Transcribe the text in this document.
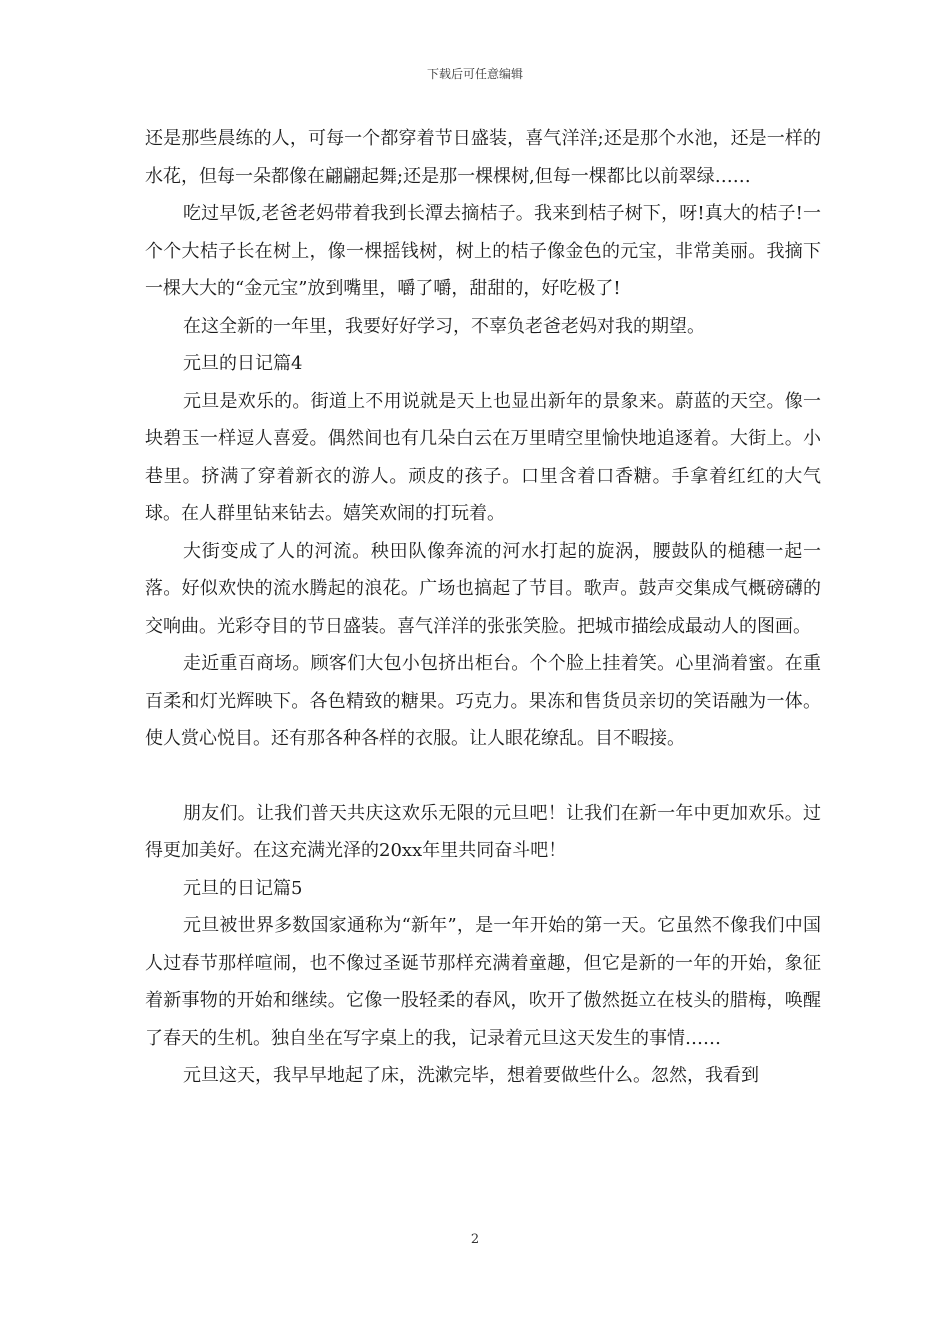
下载后可任意编辑

还是那些晨练的人，可每一个都穿着节日盛装，喜气洋洋;还是那个水池，还是一样的水花，但每一朵都像在翩翩起舞;还是那一棵棵树,但每一棵都比以前翠绿……

吃过早饭,老爸老妈带着我到长潭去摘桔子。我来到桔子树下，呀!真大的桔子!一个个大桔子长在树上，像一棵摇钱树，树上的桔子像金色的元宝，非常美丽。我摘下一棵大大的“金元宝”放到嘴里，嚼了嚼，甜甜的，好吃极了!

在这全新的一年里，我要好好学习，不辜负老爸老妈对我的期望。

元旦的日记篇4

元旦是欢乐的。街道上不用说就是天上也显出新年的景象来。蔚蓝的天空。像一块碧玉一样逗人喜爱。偶然间也有几朵白云在万里晴空里愉快地追逐着。大街上。小巷里。挤满了穿着新衣的游人。顽皮的孩子。口里含着口香糖。手拿着红红的大气球。在人群里钻来钻去。嬉笑欢闹的打玩着。

大街变成了人的河流。秧田队像奔流的河水打起的旋涡，腰鼓队的槌穗一起一落。好似欢快的流水腾起的浪花。广场也搞起了节目。歌声。鼓声交集成气概磅礴的交响曲。光彩夺目的节日盛装。喜气洋洋的张张笑脸。把城市描绘成最动人的图画。

走近重百商场。顾客们大包小包挤出柜台。个个脸上挂着笑。心里淌着蜜。在重百柔和灯光辉映下。各色精致的糖果。巧克力。果冻和售货员亲切的笑语融为一体。使人赏心悦目。还有那各种各样的衣服。让人眼花缭乱。目不暇接。

朋友们。让我们普天共庆这欢乐无限的元旦吧！让我们在新一年中更加欢乐。过得更加美好。在这充满光泽的20xx年里共同奋斗吧！

元旦的日记篇5

元旦被世界多数国家通称为“新年”，是一年开始的第一天。它虽然不像我们中国人过春节那样喧闹，也不像过圣诞节那样充满着童趣，但它是新的一年的开始，象征着新事物的开始和继续。它像一股轻柔的春风，吹开了傲然挺立在枝头的腊梅，唤醒了春天的生机。独自坐在写字桌上的我，记录着元旦这天发生的事情……

元旦这天，我早早地起了床，洗漱完毕，想着要做些什么。忽然，我看到

2
